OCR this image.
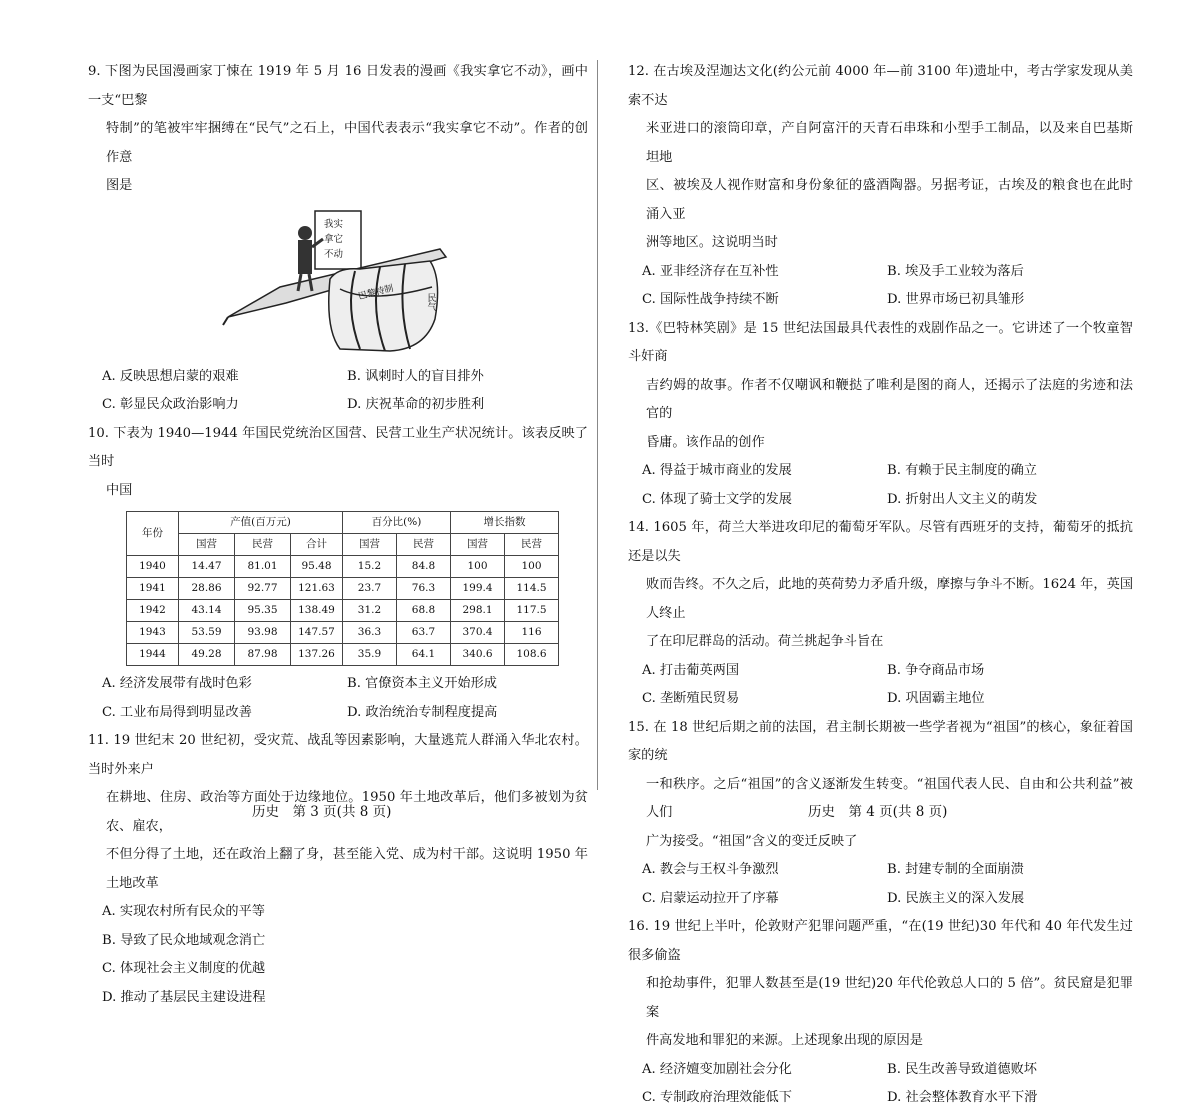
9. 下图为民国漫画家丁悚在 1919 年 5 月 16 日发表的漫画《我实拿它不动》，画中一支“巴黎
特制”的笔被牢牢捆缚在“民气”之石上，中国代表表示“我实拿它不动”。作者的创作意
图是
我实
拿它
不动
巴黎特制	民气
A. 反映思想启蒙的艰难	B. 讽刺时人的盲目排外
C. 彰显民众政治影响力	D. 庆祝革命的初步胜利
10. 下表为 1940—1944 年国民党统治区国营、民营工业生产状况统计。该表反映了当时
中国
年份	产值(百万元)			百分比(%)		增长指数	
	国营	民营	合计	国营	民营	国营	民营
1940	14.47	81.01	95.48	15.2	84.8	100	100
1941	28.86	92.77	121.63	23.7	76.3	199.4	114.5
1942	43.14	95.35	138.49	31.2	68.8	298.1	117.5
1943	53.59	93.98	147.57	36.3	63.7	370.4	116
1944	49.28	87.98	137.26	35.9	64.1	340.6	108.6
A. 经济发展带有战时色彩	B. 官僚资本主义开始形成
C. 工业布局得到明显改善	D. 政治统治专制程度提高
11. 19 世纪末 20 世纪初，受灾荒、战乱等因素影响，大量逃荒人群涌入华北农村。当时外来户
在耕地、住房、政治等方面处于边缘地位。1950 年土地改革后，他们多被划为贫农、雇农，
不但分得了土地，还在政治上翻了身，甚至能入党、成为村干部。这说明 1950 年土地改革
A. 实现农村所有民众的平等
B. 导致了民众地域观念消亡
C. 体现社会主义制度的优越
D. 推动了基层民主建设进程
12. 在古埃及涅迦达文化(约公元前 4000 年—前 3100 年)遗址中，考古学家发现从美索不达
米亚进口的滚筒印章，产自阿富汗的天青石串珠和小型手工制品，以及来自巴基斯坦地
区、被埃及人视作财富和身份象征的盛酒陶器。另据考证，古埃及的粮食也在此时涌入亚
洲等地区。这说明当时
A. 亚非经济存在互补性	B. 埃及手工业较为落后
C. 国际性战争持续不断	D. 世界市场已初具雏形
13.《巴特林笑剧》是 15 世纪法国最具代表性的戏剧作品之一。它讲述了一个牧童智斗奸商
吉约姆的故事。作者不仅嘲讽和鞭挞了唯利是图的商人，还揭示了法庭的劣迹和法官的
昏庸。该作品的创作
A. 得益于城市商业的发展	B. 有赖于民主制度的确立
C. 体现了骑士文学的发展	D. 折射出人文主义的萌发
14. 1605 年，荷兰大举进攻印尼的葡萄牙军队。尽管有西班牙的支持，葡萄牙的抵抗还是以失
败而告终。不久之后，此地的英荷势力矛盾升级，摩擦与争斗不断。1624 年，英国人终止
了在印尼群岛的活动。荷兰挑起争斗旨在
A. 打击葡英两国	B. 争夺商品市场
C. 垄断殖民贸易	D. 巩固霸主地位
15. 在 18 世纪后期之前的法国，君主制长期被一些学者视为“祖国”的核心，象征着国家的统
一和秩序。之后“祖国”的含义逐渐发生转变。“祖国代表人民、自由和公共利益”被人们
广为接受。“祖国”含义的变迁反映了
A. 教会与王权斗争激烈	B. 封建专制的全面崩溃
C. 启蒙运动拉开了序幕	D. 民族主义的深入发展
16. 19 世纪上半叶，伦敦财产犯罪问题严重，“在(19 世纪)30 年代和 40 年代发生过很多偷盗
和抢劫事件，犯罪人数甚至是(19 世纪)20 年代伦敦总人口的 5 倍”。贫民窟是犯罪案
件高发地和罪犯的来源。上述现象出现的原因是
A. 经济嬗变加剧社会分化	B. 民生改善导致道德败坏
C. 专制政府治理效能低下	D. 社会整体教育水平下滑
历史　第 3 页(共 8 页)	历史　第 4 页(共 8 页)
